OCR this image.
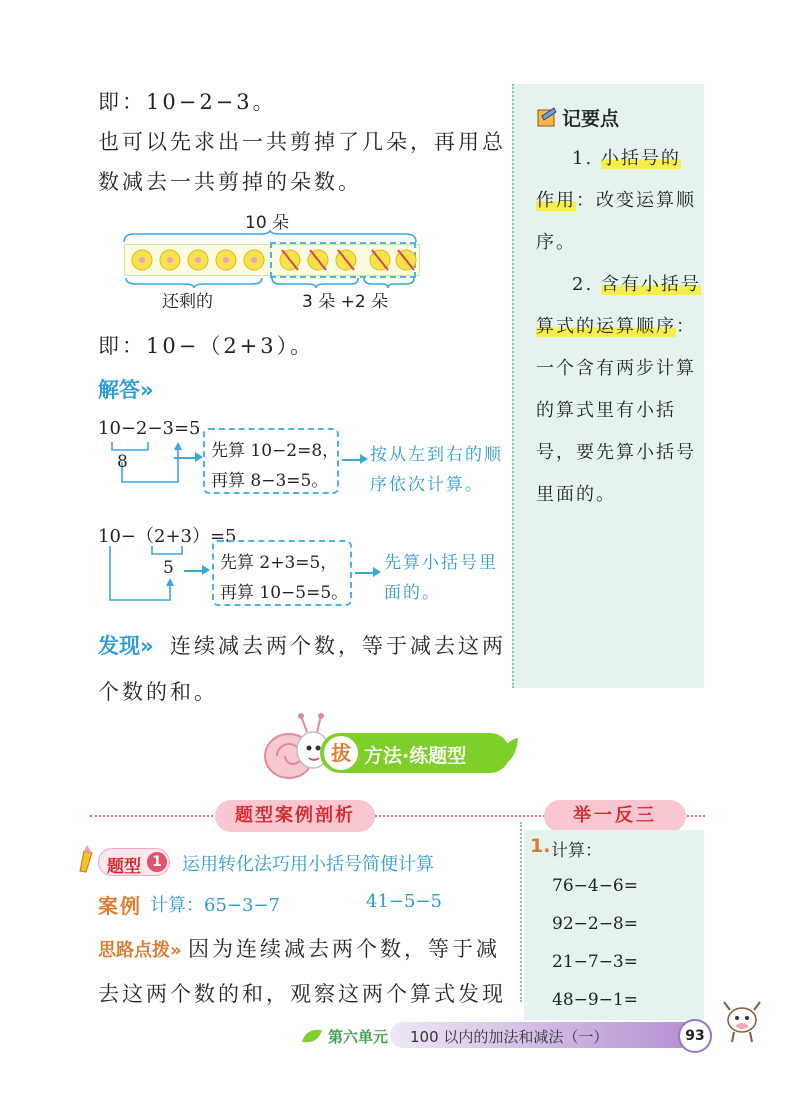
即：10−2−3。
也可以先求出一共剪掉了几朵，再用总
数减去一共剪掉的朵数。
10 朵
还剩的	3 朵 +2 朵
即：10−（2+3）。
解答»
10−2−3=5
8
先算 10−2=8，
再算 8−3=5。
按从左到右的顺
序依次计算。
10−（2+3）=5
5	先算 2+3=5，
再算 10−5=5。
先算小括号里
面的。
发现» 连续减去两个数，等于减去这两
个数的和。
记要点
1. 小括号的
作用：改变运算顺
序。
2. 含有小括号
算式的运算顺序：
一个含有两步计算
的算式里有小括
号，要先算小括号
里面的。
拔 方法·练题型
题型案例剖析	举一反三
题型 1 运用转化法巧用小括号简便计算
案例 计算：65−3−7	41−5−5
思路点拨» 因为连续减去两个数，等于减
去这两个数的和，观察这两个算式发现
1. 计算：
76−4−6=
92−2−8=
21−7−3=
48−9−1=
第六单元 100 以内的加法和减法（一）	93
